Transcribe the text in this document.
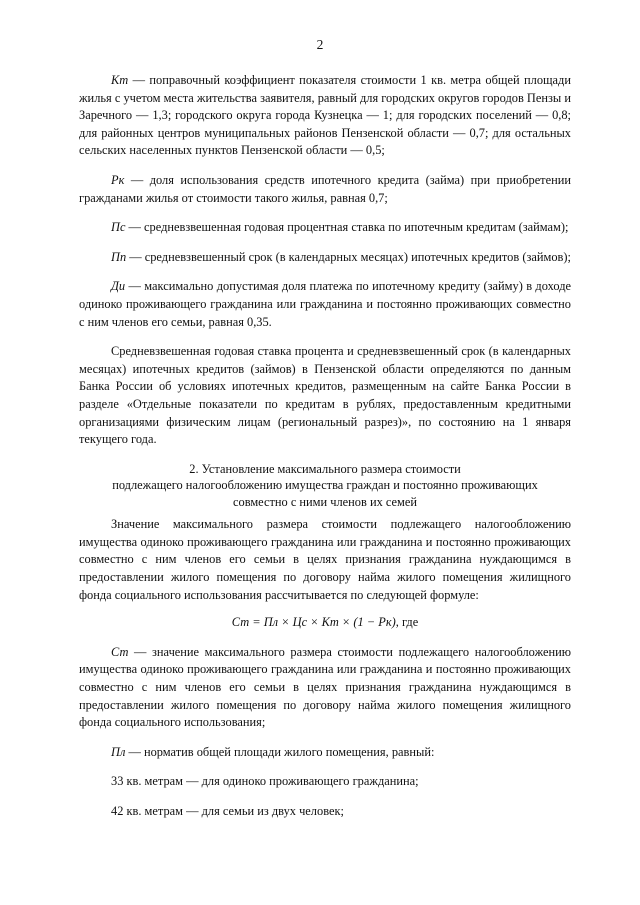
2

Кт — поправочный коэффициент показателя стоимости 1 кв. метра общей площади жилья с учетом места жительства заявителя, равный для городских округов городов Пензы и Заречного — 1,3; городского округа города Кузнецка — 1; для городских поселений — 0,8; для районных центров муниципальных районов Пензенской области — 0,7; для остальных сельских населенных пунктов Пензенской области — 0,5;

Рк — доля использования средств ипотечного кредита (займа) при приобретении гражданами жилья от стоимости такого жилья, равная 0,7;

Пс — средневзвешенная годовая процентная ставка по ипотечным кредитам (займам);

Пп — средневзвешенный срок (в календарных месяцах) ипотечных кредитов (займов);

Ди — максимально допустимая доля платежа по ипотечному кредиту (займу) в доходе одиноко проживающего гражданина или гражданина и постоянно проживающих совместно с ним членов его семьи, равная 0,35.

Средневзвешенная годовая ставка процента и средневзвешенный срок (в календарных месяцах) ипотечных кредитов (займов) в Пензенской области определяются по данным Банка России об условиях ипотечных кредитов, размещенным на сайте Банка России в разделе «Отдельные показатели по кредитам в рублях, предоставленным кредитными организациями физическим лицам (региональный разрез)», по состоянию на 1 января текущего года.

2. Установление максимального размера стоимости
подлежащего налогообложению имущества граждан и постоянно проживающих
совместно с ними членов их семей

Значение максимального размера стоимости подлежащего налогообложению имущества одиноко проживающего гражданина или гражданина и постоянно проживающих совместно с ним членов его семьи в целях признания гражданина нуждающимся в предоставлении жилого помещения по договору найма жилого помещения жилищного фонда социального использования рассчитывается по следующей формуле:

Ст = Пл × Цс × Кт × (1 − Рк), где

Ст — значение максимального размера стоимости подлежащего налогообложению имущества одиноко проживающего гражданина или гражданина и постоянно проживающих совместно с ним членов его семьи в целях признания гражданина нуждающимся в предоставлении жилого помещения по договору найма жилого помещения жилищного фонда социального использования;

Пл — норматив общей площади жилого помещения, равный:

33 кв. метрам — для одиноко проживающего гражданина;

42 кв. метрам — для семьи из двух человек;
